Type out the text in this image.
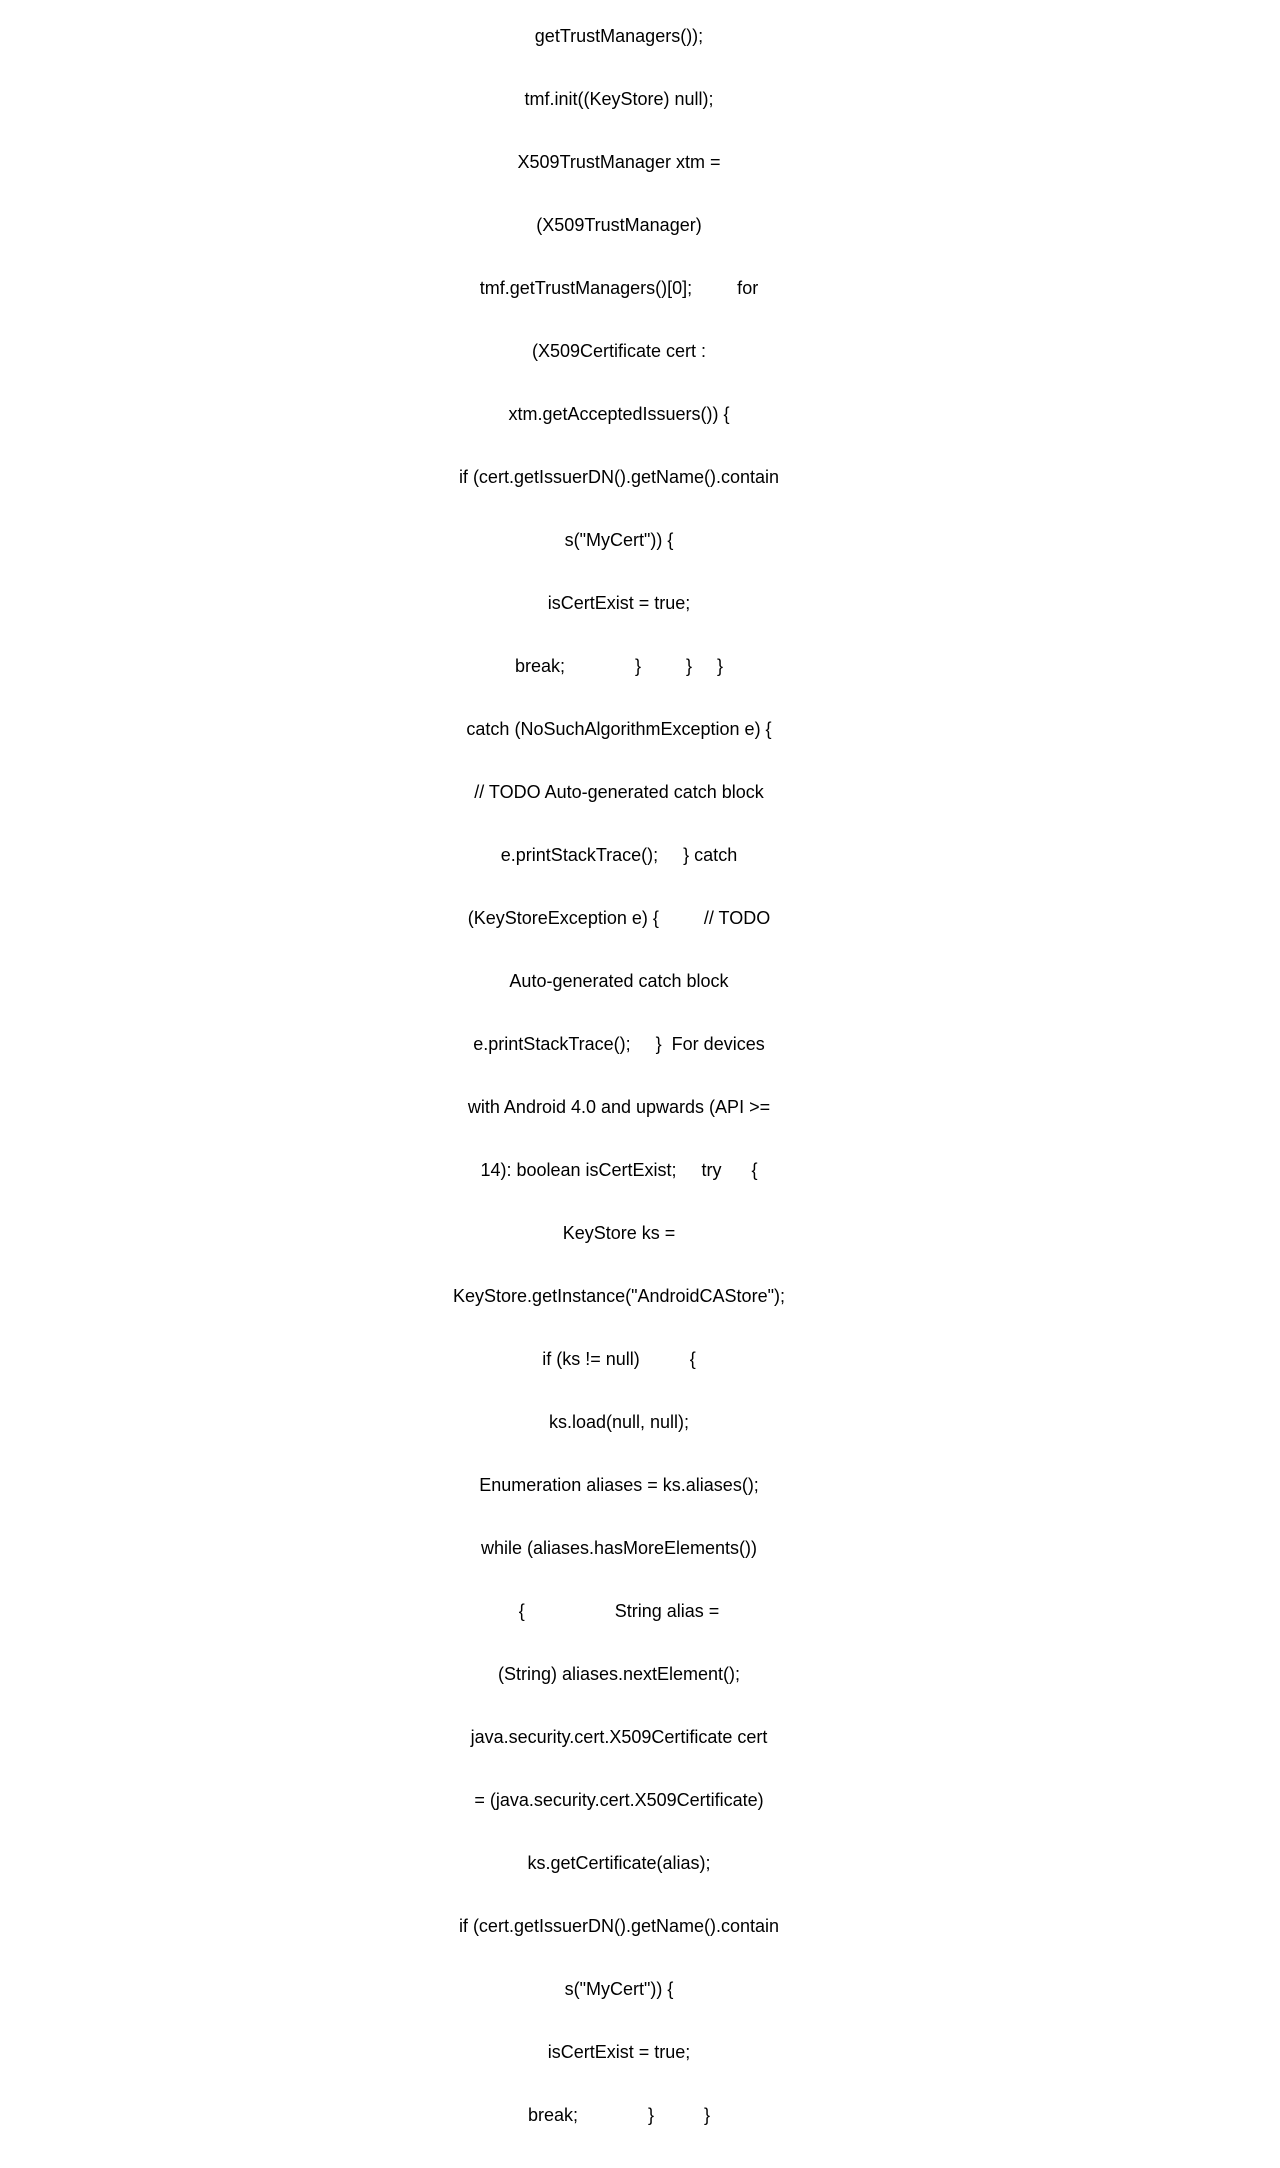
getTrustManagers());

tmf.init((KeyStore) null);

X509TrustManager xtm =

(X509TrustManager)

tmf.getTrustManagers()[0];         for

(X509Certificate cert :

xtm.getAcceptedIssuers()) {

if (cert.getIssuerDN().getName().contain

s("MyCert")) {

isCertExist = true;

break;              }         }     }

catch (NoSuchAlgorithmException e) {

// TODO Auto-generated catch block

e.printStackTrace();     } catch

(KeyStoreException e) {         // TODO

Auto-generated catch block

e.printStackTrace();     }  For devices

with Android 4.0 and upwards (API >=

14): boolean isCertExist;     try      {

KeyStore ks =

KeyStore.getInstance("AndroidCAStore");

if (ks != null)          {

ks.load(null, null);

Enumeration aliases = ks.aliases();

while (aliases.hasMoreElements())

{                  String alias =

(String) aliases.nextElement();

java.security.cert.X509Certificate cert

= (java.security.cert.X509Certificate)

ks.getCertificate(alias);

if (cert.getIssuerDN().getName().contain

s("MyCert")) {

isCertExist = true;

break;              }          }
